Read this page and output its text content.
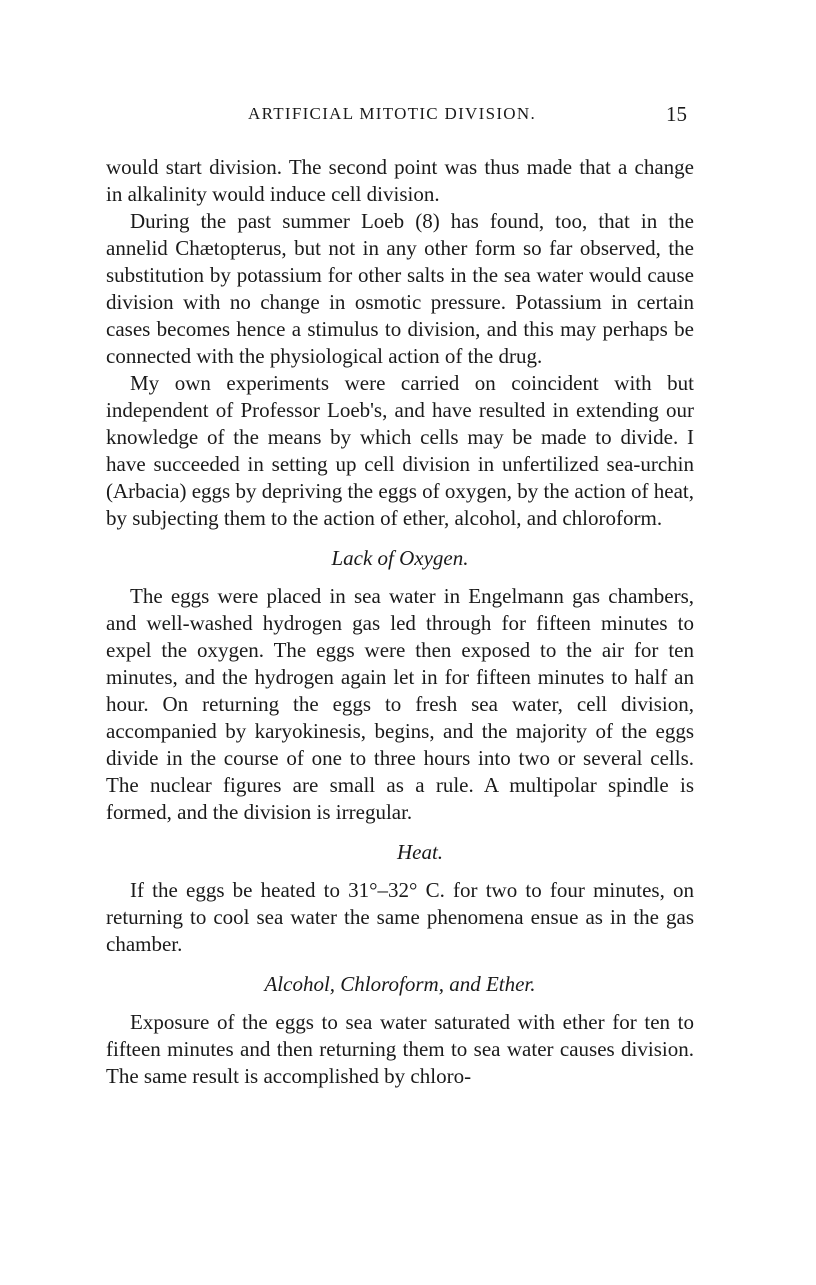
ARTIFICIAL MITOTIC DIVISION.	15

would start division. The second point was thus made that a change in alkalinity would induce cell division.

During the past summer Loeb (8) has found, too, that in the annelid Chætopterus, but not in any other form so far observed, the substitution by potassium for other salts in the sea water would cause division with no change in osmotic pressure. Potassium in certain cases becomes hence a stimulus to division, and this may perhaps be connected with the physiological action of the drug.

My own experiments were carried on coincident with but independent of Professor Loeb's, and have resulted in extending our knowledge of the means by which cells may be made to divide. I have succeeded in setting up cell division in unfertilized sea-urchin (Arbacia) eggs by depriving the eggs of oxygen, by the action of heat, by subjecting them to the action of ether, alcohol, and chloroform.

Lack of Oxygen.

The eggs were placed in sea water in Engelmann gas chambers, and well-washed hydrogen gas led through for fifteen minutes to expel the oxygen. The eggs were then exposed to the air for ten minutes, and the hydrogen again let in for fifteen minutes to half an hour. On returning the eggs to fresh sea water, cell division, accompanied by karyokinesis, begins, and the majority of the eggs divide in the course of one to three hours into two or several cells. The nuclear figures are small as a rule. A multipolar spindle is formed, and the division is irregular.

Heat.

If the eggs be heated to 31°–32° C. for two to four minutes, on returning to cool sea water the same phenomena ensue as in the gas chamber.

Alcohol, Chloroform, and Ether.

Exposure of the eggs to sea water saturated with ether for ten to fifteen minutes and then returning them to sea water causes division. The same result is accomplished by chloro-
